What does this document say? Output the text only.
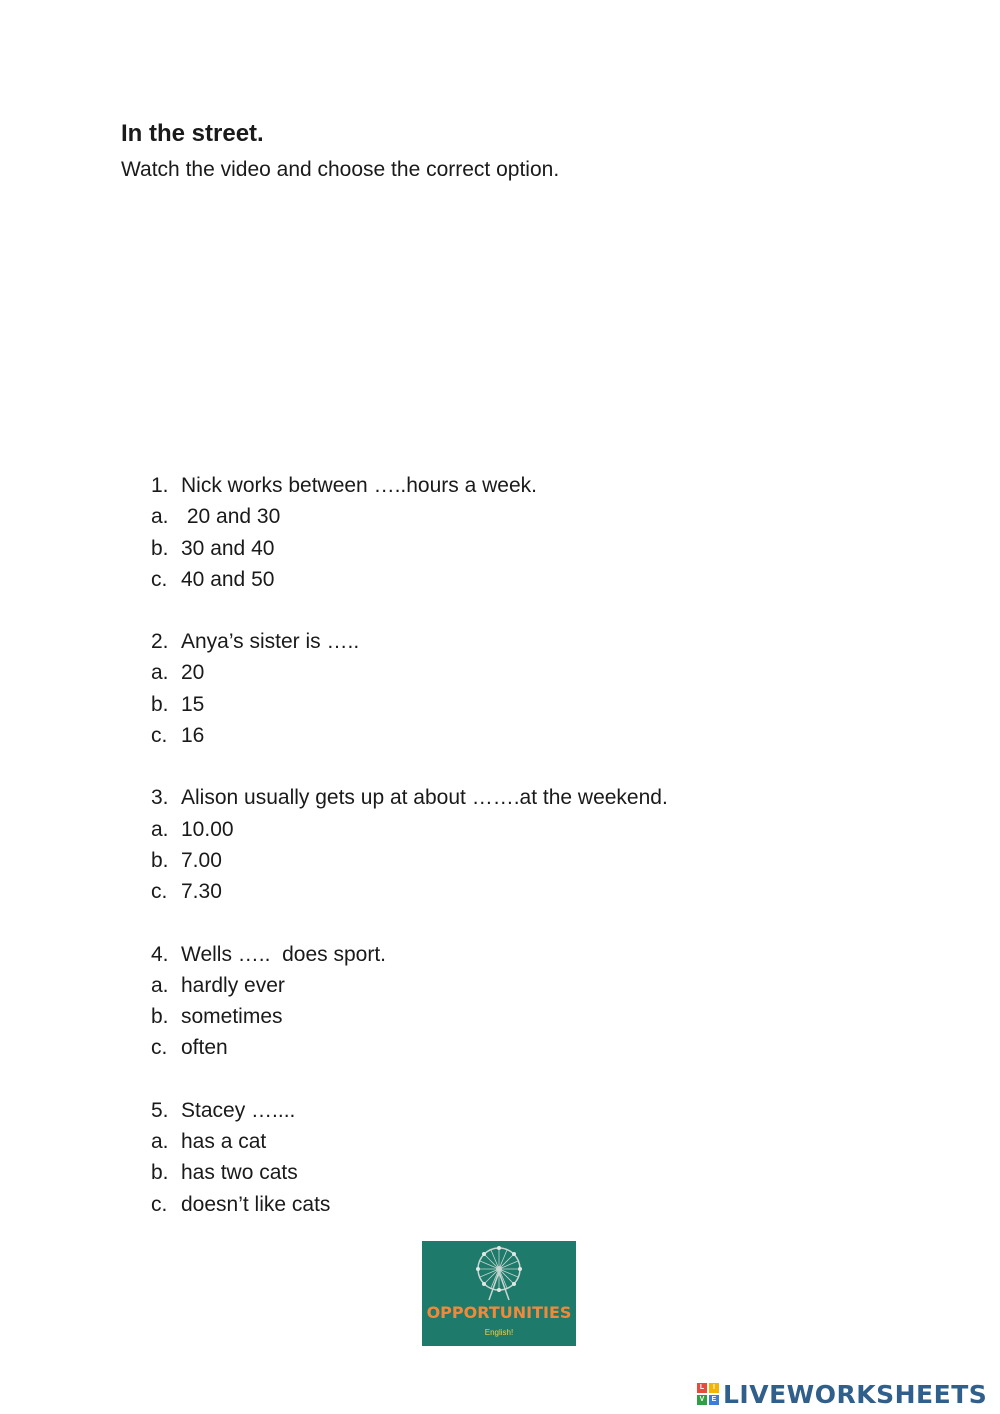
In the street.

Watch the video and choose the correct option.

1. Nick works between …..hours a week.
a. 20 and 30
b. 30 and 40
c. 40 and 50
2. Anya’s sister is …..
a. 20
b. 15
c. 16
3. Alison usually gets up at about …….at the weekend.
a. 10.00
b. 7.00
c. 7.30
4. Wells …..  does sport.
a. hardly ever
b. sometimes
c. often
5. Stacey …....
a. has a cat
b. has two cats
c. doesn’t like cats
OPPORTUNITIES
English!
L	I
V	E LIVEWORKSHEETS
